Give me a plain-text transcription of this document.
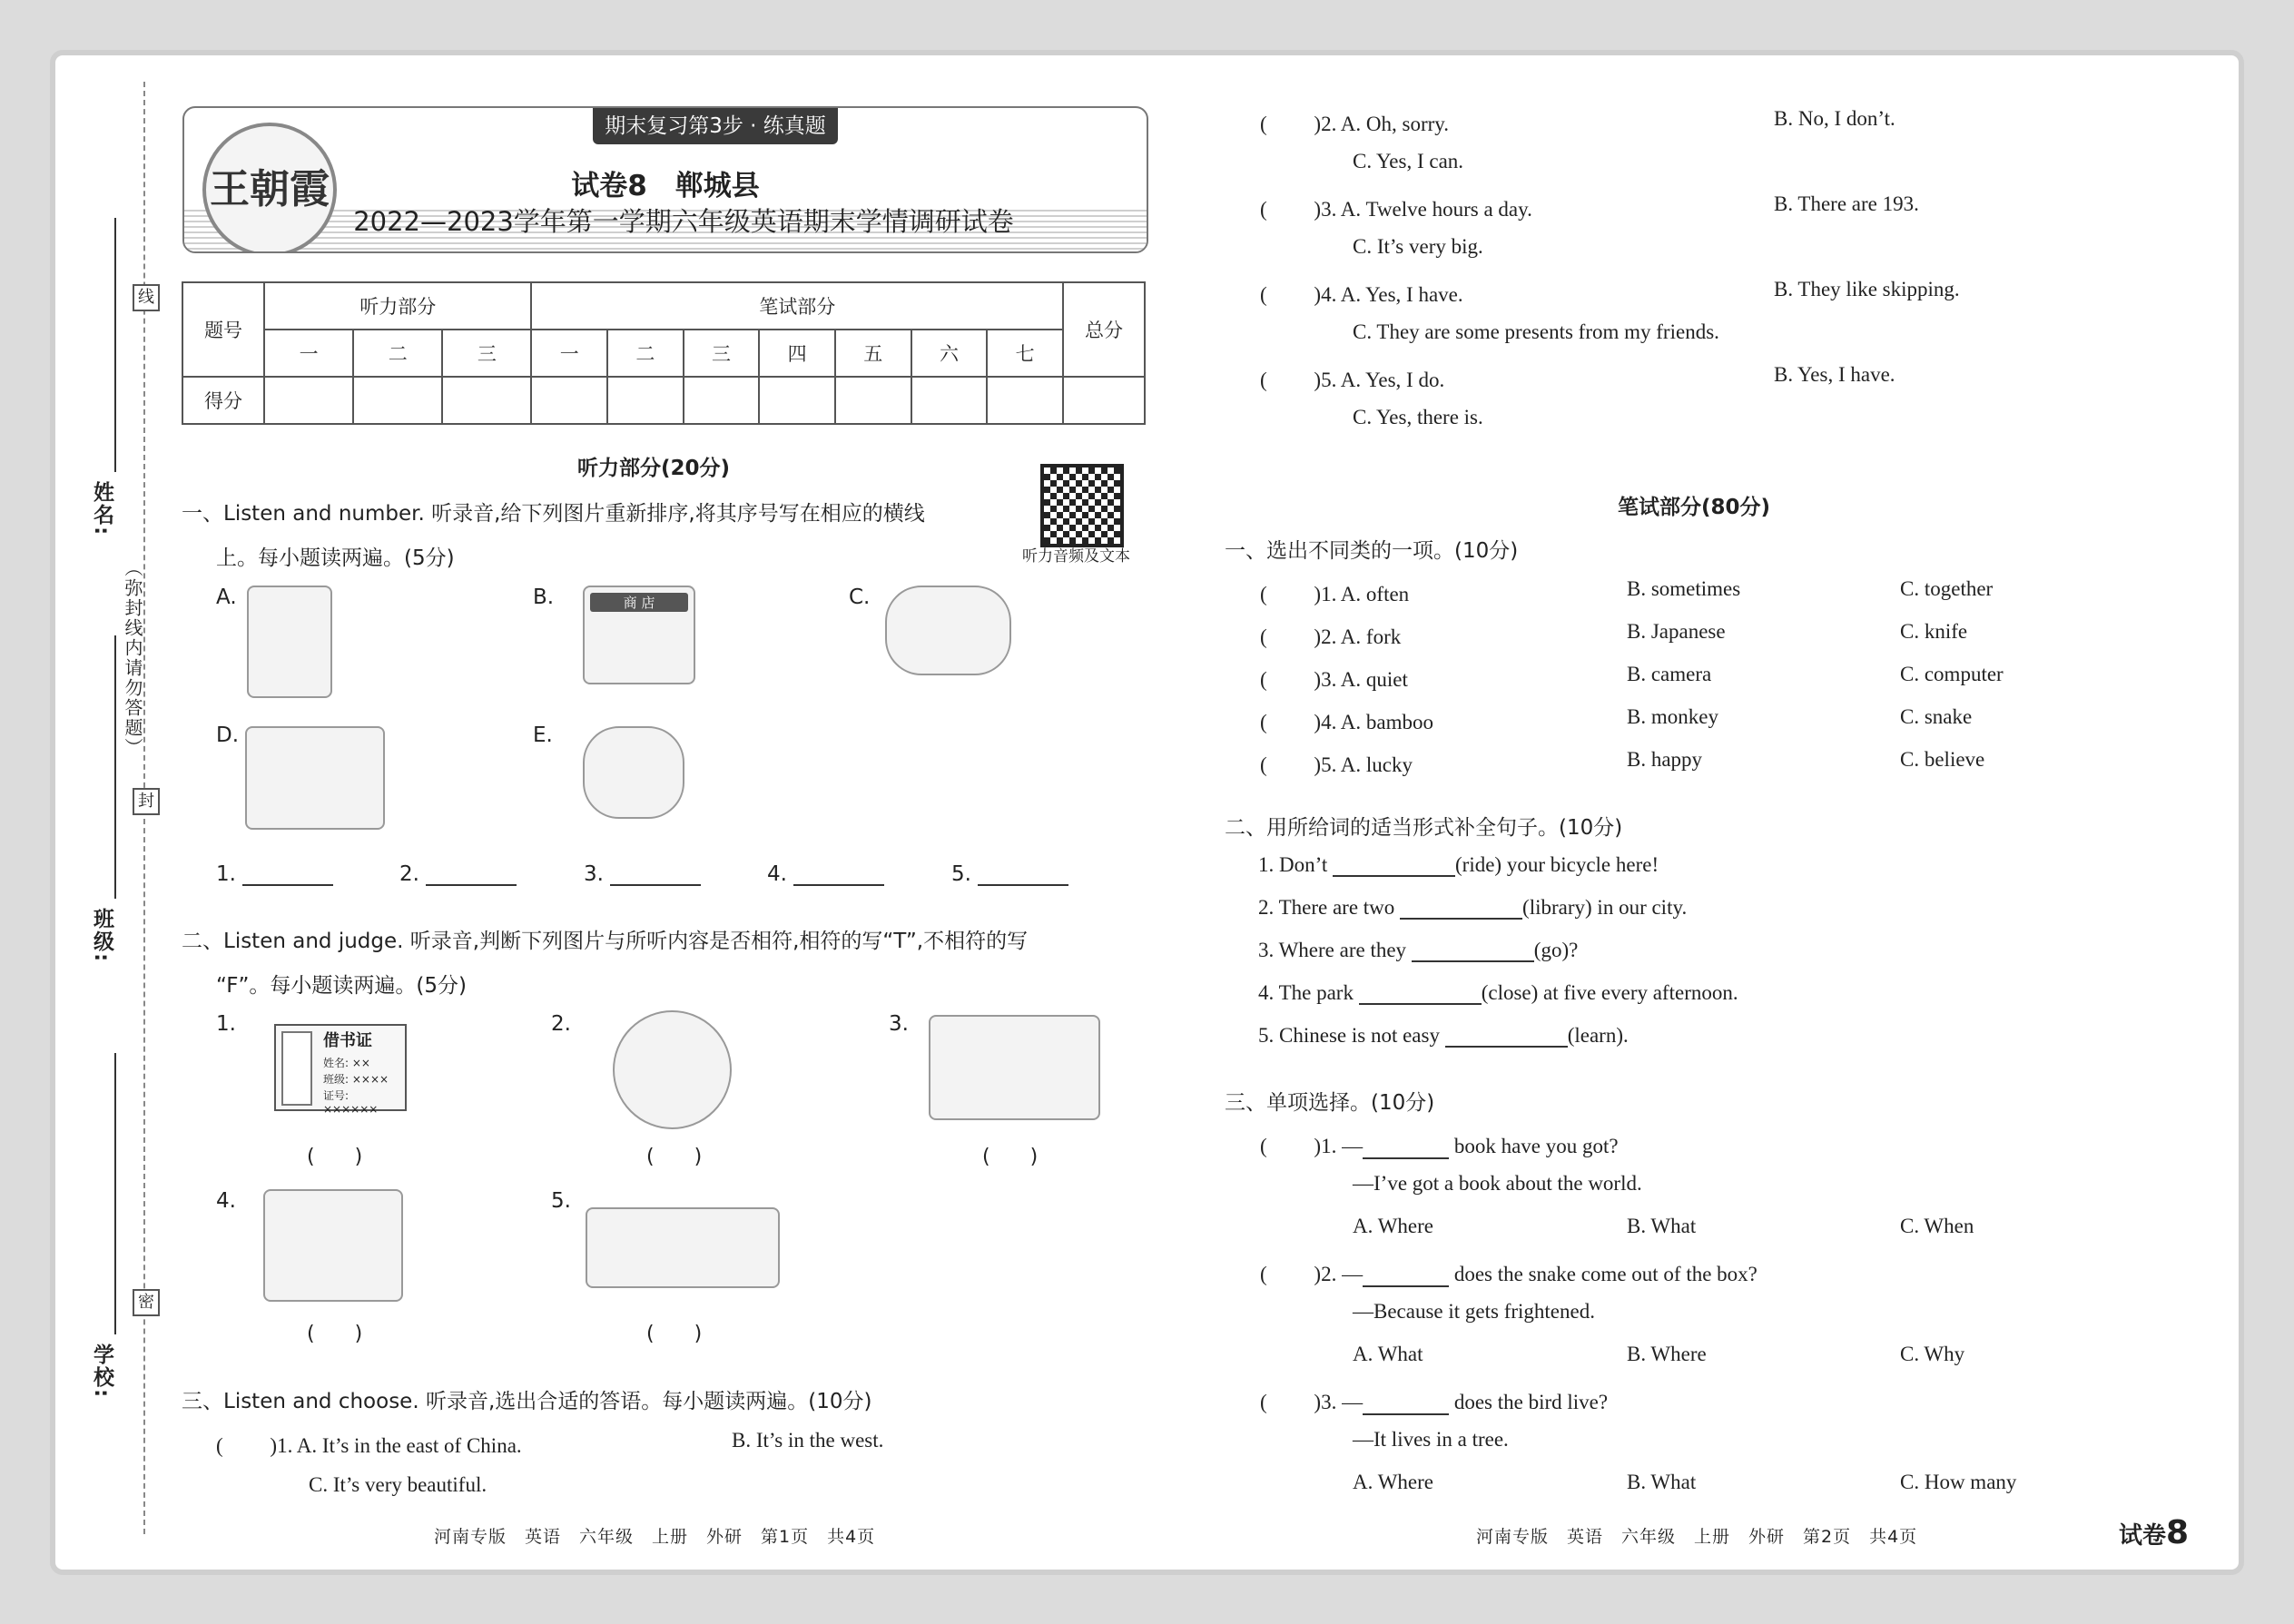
线
封
密
姓名:
班级:
学校:
（弥封线内请勿答题）
期末复习第3步 · 练真题
王朝霞	试卷8　郸城县
2022—2023学年第一学期六年级英语期末学情调研试卷
题号	听力部分			笔试部分							总分
	一	二	三	一	二	三	四	五	六	七	
得分											
听力部分(20分)
听力音频及文本
一、Listen and number. 听录音,给下列图片重新排序,将其序号写在相应的横线
上。每小题读两遍。(5分)
A.	B.	商 店	C.
D.	E.
1.	2.	3.	4.	5.
二、Listen and judge. 听录音,判断下列图片与所听内容是否相符,相符的写“T”,不相符的写
“F”。每小题读两遍。(5分)
1.
借书证
姓名: ××
班级: ××××
证号: ××××××
2.	3.
(　　)	(　　)	(　　)
4.	5.
(　　)	(　　)
三、Listen and choose. 听录音,选出合适的答语。每小题读两遍。(10分)
(　　 )1. A. It’s in the east of China.	B. It’s in the west.
C. It’s very beautiful.
河南专版　英语　六年级　上册　外研　第1页　共4页
(　　 )2. A. Oh, sorry.	B. No, I don’t.
C. Yes, I can.
(　　 )3. A. Twelve hours a day.	B. There are 193.
C. It’s very big.
(　　 )4. A. Yes, I have.	B. They like skipping.
C. They are some presents from my friends.
(　　 )5. A. Yes, I do.	B. Yes, I have.
C. Yes, there is.
笔试部分(80分)
一、选出不同类的一项。(10分)
(　　 )1. A. often	B. sometimes	C. together
(　　 )2. A. fork	B. Japanese	C. knife
(　　 )3. A. quiet	B. camera	C. computer
(　　 )4. A. bamboo	B. monkey	C. snake
(　　 )5. A. lucky	B. happy	C. believe
二、用所给词的适当形式补全句子。(10分)
1. Don’t	(ride) your bicycle here!
2. There are two	(library) in our city.
3. Where are they	(go)?
4. The park	(close) at five every afternoon.
5. Chinese is not easy	(learn).
三、单项选择。(10分)
(　　 )1. —	book have you got?
—I’ve got a book about the world.
A. Where	B. What	C. When
(　　 )2. —	does the snake come out of the box?
—Because it gets frightened.
A. What	B. Where	C. Why
(　　 )3. —	does the bird live?
—It lives in a tree.
A. Where	B. What	C. How many
河南专版　英语　六年级　上册　外研　第2页　共4页	试卷8
